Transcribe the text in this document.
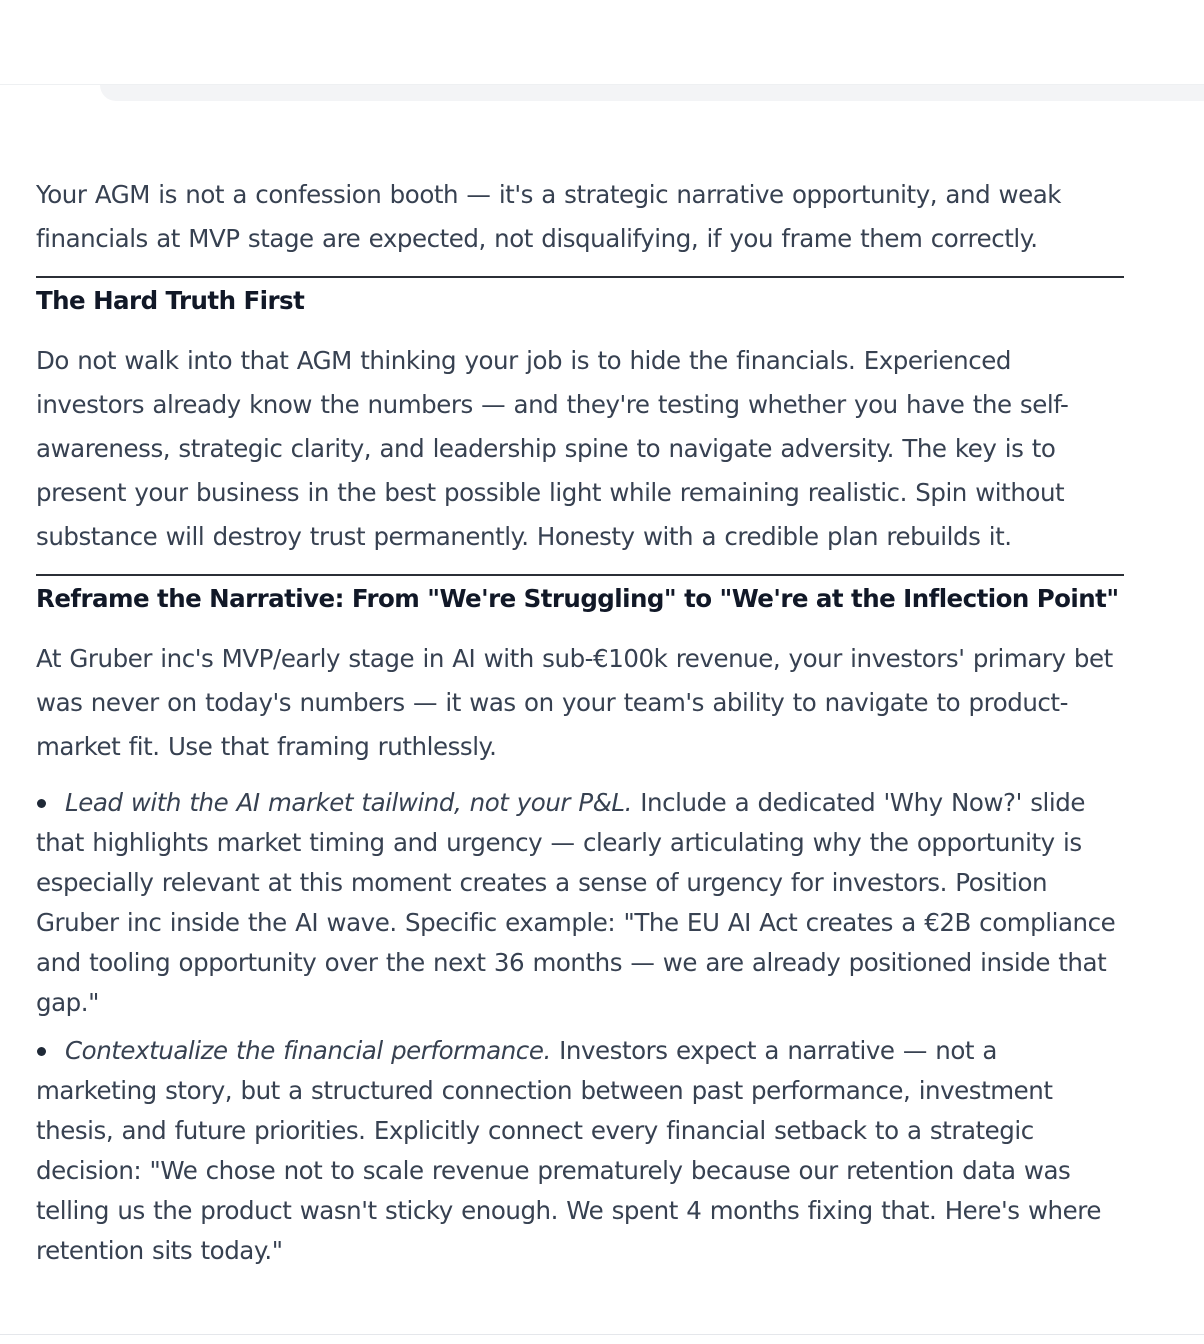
Your AGM is not a confession booth — it's a strategic narrative opportunity, and weak financials at MVP stage are expected, not disqualifying, if you frame them correctly.

The Hard Truth First

Do not walk into that AGM thinking your job is to hide the financials. Experienced investors already know the numbers — and they're testing whether you have the self-awareness, strategic clarity, and leadership spine to navigate adversity. The key is to present your business in the best possible light while remaining realistic. Spin without substance will destroy trust permanently. Honesty with a credible plan rebuilds it.

Reframe the Narrative: From "We're Struggling" to "We're at the Inflection Point"

At Gruber inc's MVP/early stage in AI with sub-€100k revenue, your investors' primary bet was never on today's numbers — it was on your team's ability to navigate to product-market fit. Use that framing ruthlessly.

Lead with the AI market tailwind, not your P&L. Include a dedicated 'Why Now?' slide that highlights market timing and urgency — clearly articulating why the opportunity is especially relevant at this moment creates a sense of urgency for investors. Position Gruber inc inside the AI wave. Specific example: "The EU AI Act creates a €2B compliance and tooling opportunity over the next 36 months — we are already positioned inside that gap."
Contextualize the financial performance. Investors expect a narrative — not a marketing story, but a structured connection between past performance, investment thesis, and future priorities. Explicitly connect every financial setback to a strategic decision: "We chose not to scale revenue prematurely because our retention data was telling us the product wasn't sticky enough. We spent 4 months fixing that. Here's where retention sits today."
